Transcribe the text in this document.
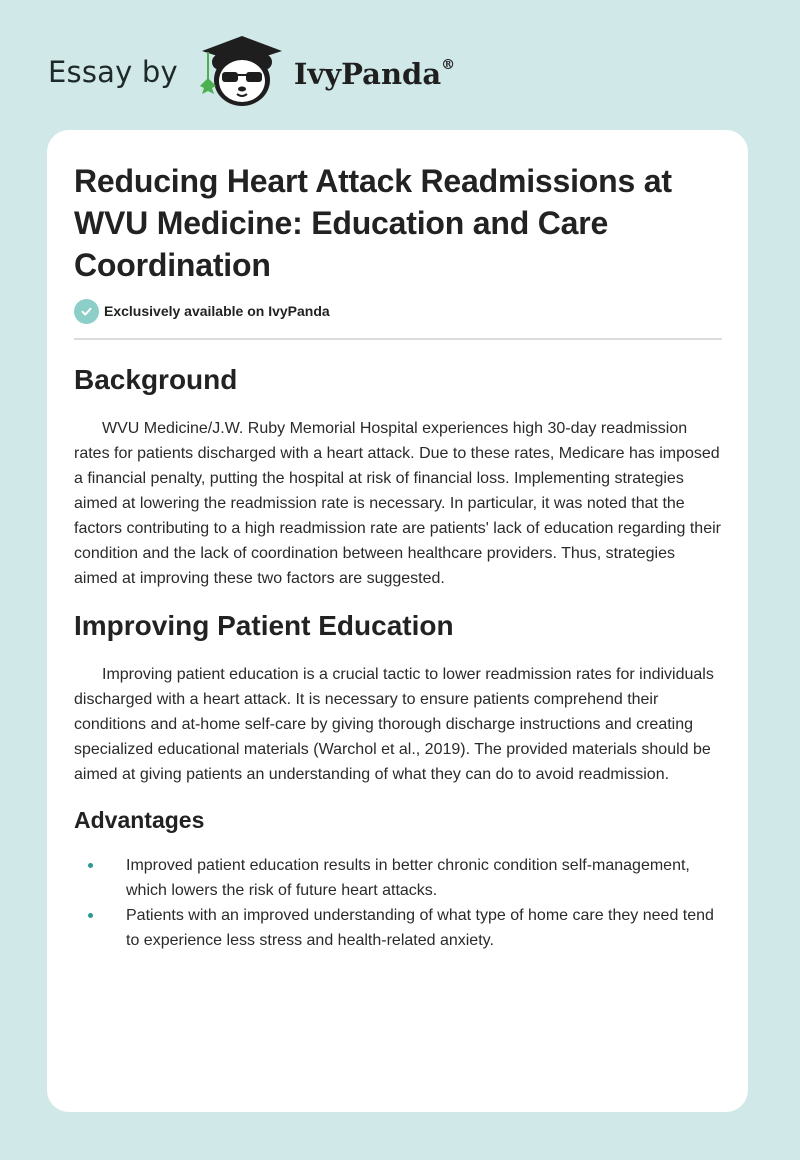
Essay by	IvyPanda®
Reducing Heart Attack Readmissions at WVU Medicine: Education and Care Coordination
Exclusively available on IvyPanda
Background

WVU Medicine/J.W. Ruby Memorial Hospital experiences high 30-day readmission rates for patients discharged with a heart attack. Due to these rates, Medicare has imposed a financial penalty, putting the hospital at risk of financial loss. Implementing strategies aimed at lowering the readmission rate is necessary. In particular, it was noted that the factors contributing to a high readmission rate are patients' lack of education regarding their condition and the lack of coordination between healthcare providers. Thus, strategies aimed at improving these two factors are suggested.

Improving Patient Education

Improving patient education is a crucial tactic to lower readmission rates for individuals discharged with a heart attack. It is necessary to ensure patients comprehend their conditions and at-home self-care by giving thorough discharge instructions and creating specialized educational materials (Warchol et al., 2019). The provided materials should be aimed at giving patients an understanding of what they can do to avoid readmission.

Advantages
Improved patient education results in better chronic condition self-management, which lowers the risk of future heart attacks.
Patients with an improved understanding of what type of home care they need tend to experience less stress and health-related anxiety.
